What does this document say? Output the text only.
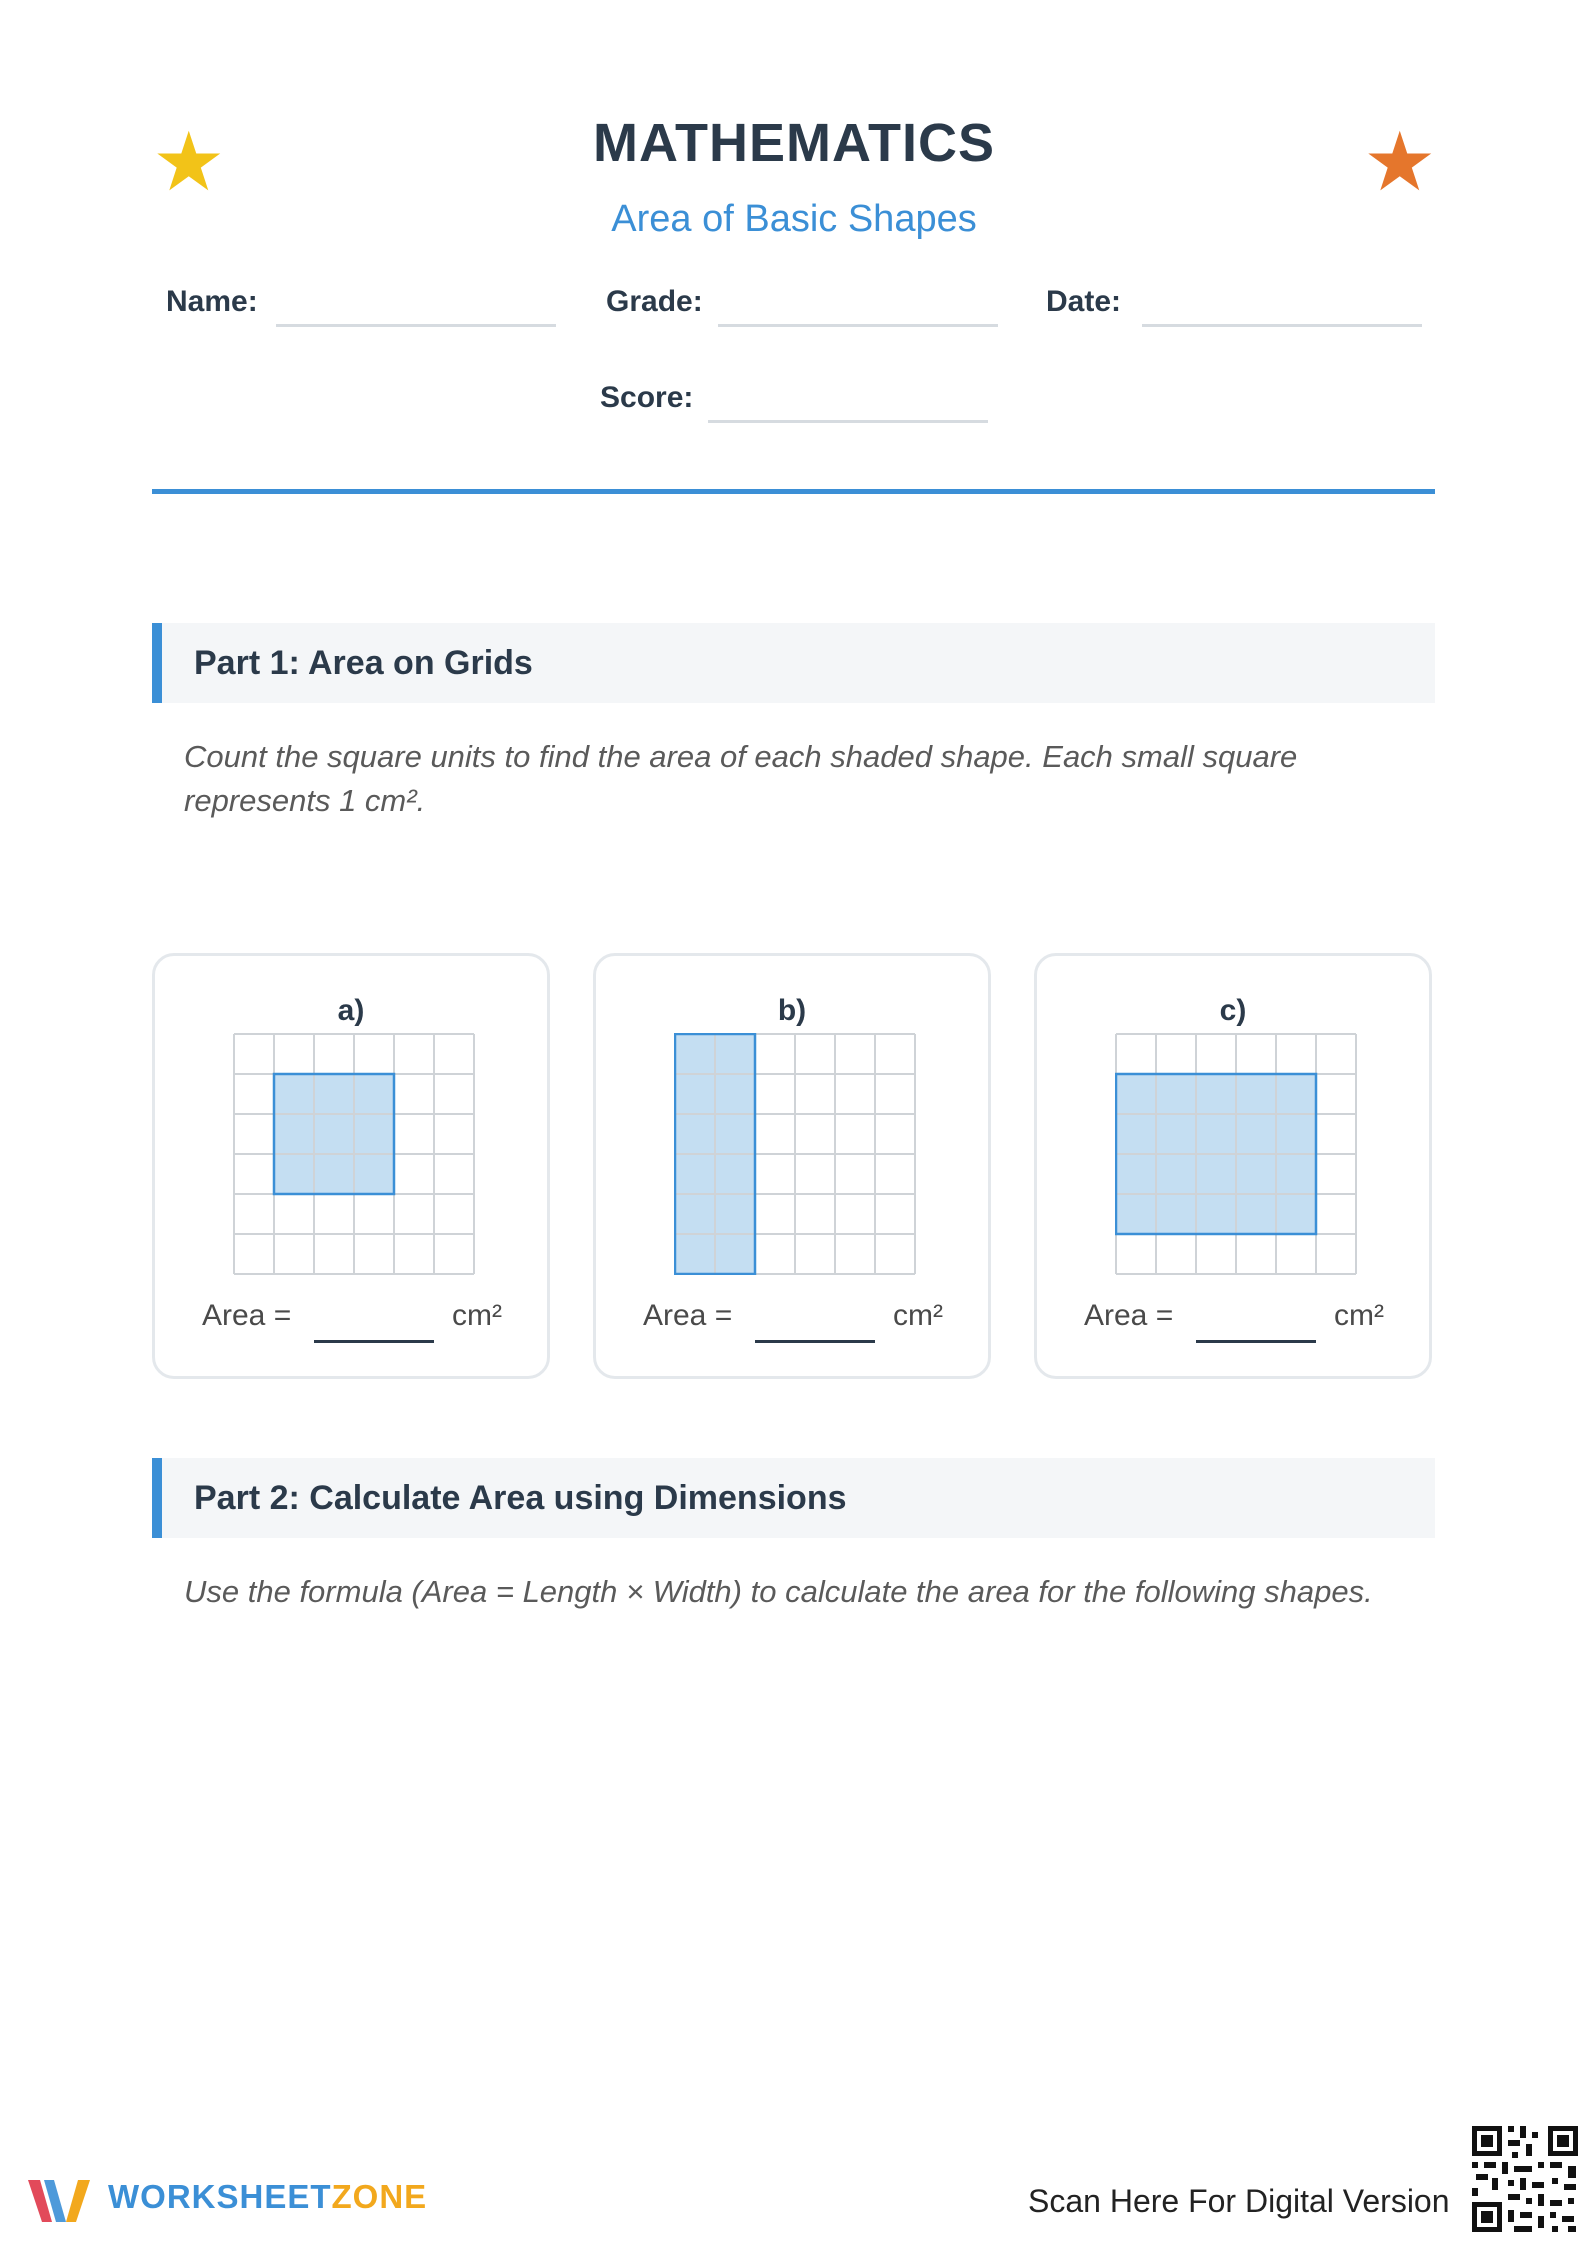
★	★
MATHEMATICS
Area of Basic Shapes
Name:	Grade:	Date:
Score:
Part 1: Area on Grids
Count the square units to find the area of each shaded shape. Each small square represents 1 cm².
a)
Area =	cm²
b)
Area =	cm²
c)
Area =	cm²
Part 2: Calculate Area using Dimensions
Use the formula (Area = Length × Width) to calculate the area for the following shapes.
WORKSHEETZONE	Scan Here For Digital Version
